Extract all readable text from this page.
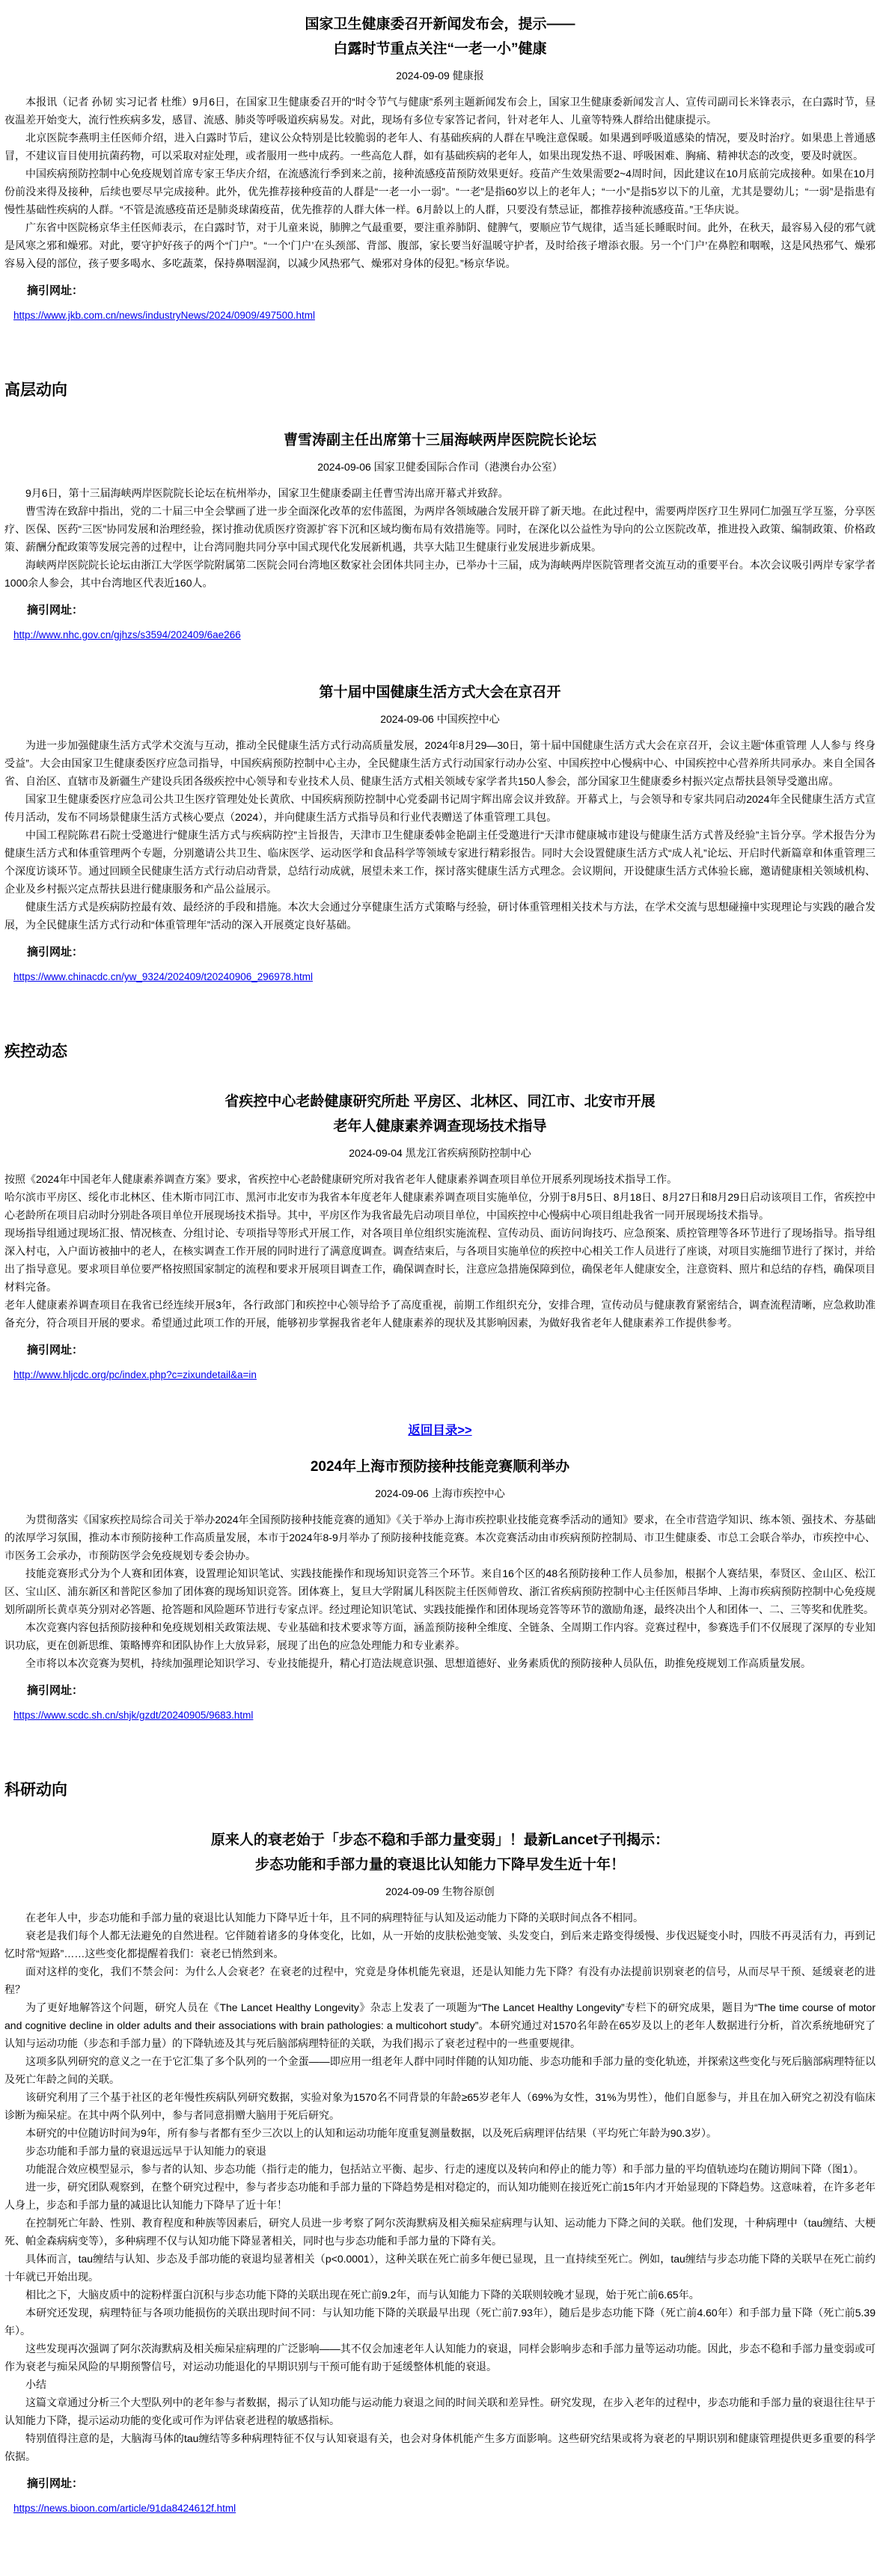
国家卫生健康委召开新闻发布会，提示——
白露时节重点关注“一老一小”健康
2024-09-09 健康报
本报讯（记者 孙韧 实习记者 杜维）9月6日，在国家卫生健康委召开的“时令节气与健康”系列主题新闻发布会上，国家卫生健康委新闻发言人、宣传司副司长米锋表示，在白露时节，昼夜温差开始变大，流行性疾病多发，感冒、流感、肺炎等呼吸道疾病易发。对此，现场有多位专家答记者问，针对老年人、儿童等特殊人群给出健康提示。
北京医院李燕明主任医师介绍，进入白露时节后，建议公众特别是比较脆弱的老年人、有基础疾病的人群在早晚注意保暖。如果遇到呼吸道感染的情况，要及时治疗。如果患上普通感冒，不建议盲目使用抗菌药物，可以采取对症处理，或者服用一些中成药。一些高危人群，如有基础疾病的老年人，如果出现发热不退、呼吸困难、胸痛、精神状态的改变，要及时就医。
中国疾病预防控制中心免疫规划首席专家王华庆介绍，在流感流行季到来之前，接种流感疫苗预防效果更好。疫苗产生效果需要2~4周时间，因此建议在10月底前完成接种。如果在10月份前没来得及接种，后续也要尽早完成接种。此外，优先推荐接种疫苗的人群是“一老一小一弱”。“一老”是指60岁以上的老年人；“一小”是指5岁以下的儿童，尤其是婴幼儿；“一弱”是指患有慢性基础性疾病的人群。“不管是流感疫苗还是肺炎球菌疫苗，优先推荐的人群大体一样。6月龄以上的人群，只要没有禁忌证，都推荐接种流感疫苗。”王华庆说。
广东省中医院杨京华主任医师表示，在白露时节，对于儿童来说，肺脾之气最重要，要注重养肺阴、健脾气，要顺应节气规律，适当延长睡眠时间。此外，在秋天，最容易入侵的邪气就是风寒之邪和燥邪。对此，要守护好孩子的两个“门户”。“一个‘门户’在头颈部、背部、腹部，家长要当好温暖守护者，及时给孩子增添衣服。另一个‘门户’在鼻腔和咽喉，这是风热邪气、燥邪容易入侵的部位，孩子要多喝水、多吃蔬菜，保持鼻咽湿润，以减少风热邪气、燥邪对身体的侵犯。”杨京华说。
摘引网址：
https://www.jkb.com.cn/news/industryNews/2024/0909/497500.html
高层动向
曹雪涛副主任出席第十三届海峡两岸医院院长论坛
2024-09-06 国家卫健委国际合作司（港澳台办公室）
9月6日，第十三届海峡两岸医院院长论坛在杭州举办，国家卫生健康委副主任曹雪涛出席开幕式并致辞。
曹雪涛在致辞中指出，党的二十届三中全会擘画了进一步全面深化改革的宏伟蓝图，为两岸各领域融合发展开辟了新天地。在此过程中，需要两岸医疗卫生界同仁加强互学互鉴，分享医疗、医保、医药“三医”协同发展和治理经验，探讨推动优质医疗资源扩容下沉和区域均衡布局有效措施等。同时，在深化以公益性为导向的公立医院改革，推进投入政策、编制政策、价格政策、薪酬分配政策等发展完善的过程中，让台湾同胞共同分享中国式现代化发展新机遇，共享大陆卫生健康行业发展进步新成果。
海峡两岸医院院长论坛由浙江大学医学院附属第二医院会同台湾地区数家社会团体共同主办，已举办十三届，成为海峡两岸医院管理者交流互动的重要平台。本次会议吸引两岸专家学者1000余人参会，其中台湾地区代表近160人。
摘引网址：
http://www.nhc.gov.cn/gjhzs/s3594/202409/6ae266
第十届中国健康生活方式大会在京召开
2024-09-06 中国疾控中心
为进一步加强健康生活方式学术交流与互动，推动全民健康生活方式行动高质量发展，2024年8月29—30日，第十届中国健康生活方式大会在京召开，会议主题“体重管理 人人参与 终身受益”。大会由国家卫生健康委医疗应急司指导，中国疾病预防控制中心主办，全民健康生活方式行动国家行动办公室、中国疾控中心慢病中心、中国疾控中心营养所共同承办。来自全国各省、自治区、直辖市及新疆生产建设兵团各级疾控中心领导和专业技术人员、健康生活方式相关领域专家学者共150人参会，部分国家卫生健康委乡村振兴定点帮扶县领导受邀出席。
国家卫生健康委医疗应急司公共卫生医疗管理处处长黄欣、中国疾病预防控制中心党委副书记周宇辉出席会议并致辞。开幕式上，与会领导和专家共同启动2024年全民健康生活方式宣传月活动，发布不同场景健康生活方式核心要点（2024），并向健康生活方式指导员和行业代表赠送了体重管理工具包。
中国工程院陈君石院士受邀进行“健康生活方式与疾病防控”主旨报告，天津市卫生健康委韩金艳副主任受邀进行“天津市健康城市建设与健康生活方式普及经验”主旨分享。学术报告分为健康生活方式和体重管理两个专题，分别邀请公共卫生、临床医学、运动医学和食品科学等领域专家进行精彩报告。同时大会设置健康生活方式“成人礼”论坛、开启时代新篇章和体重管理三个深度访谈环节。通过回顾全民健康生活方式行动启动背景，总结行动成就，展望未来工作，探讨落实健康生活方式理念。会议期间，开设健康生活方式体验长廊，邀请健康相关领域机构、企业及乡村振兴定点帮扶县进行健康服务和产品公益展示。
健康生活方式是疾病防控最有效、最经济的手段和措施。本次大会通过分享健康生活方式策略与经验，研讨体重管理相关技术与方法，在学术交流与思想碰撞中实现理论与实践的融合发展，为全民健康生活方式行动和“体重管理年”活动的深入开展奠定良好基础。
摘引网址：
https://www.chinacdc.cn/yw_9324/202409/t20240906_296978.html
疾控动态
省疾控中心老龄健康研究所赴 平房区、北林区、同江市、北安市开展
老年人健康素养调查现场技术指导
2024-09-04 黑龙江省疾病预防控制中心
按照《2024年中国老年人健康素养调查方案》要求，省疾控中心老龄健康研究所对我省老年人健康素养调查项目单位开展系列现场技术指导工作。
哈尔滨市平房区、绥化市北林区、佳木斯市同江市、黑河市北安市为我省本年度老年人健康素养调查项目实施单位，分别于8月5日、8月18日、8月27日和8月29日启动该项目工作，省疾控中心老龄所在项目启动时分别赴各项目单位开展现场技术指导。其中，平房区作为我省最先启动项目单位，中国疾控中心慢病中心项目组赴我省一同开展现场技术指导。
现场指导组通过现场汇报、情况核查、分组讨论、专项指导等形式开展工作，对各项目单位组织实施流程、宣传动员、面访问询技巧、应急预案、质控管理等各环节进行了现场指导。指导组深入村屯，入户面访被抽中的老人，在核实调查工作开展的同时进行了满意度调查。调查结束后，与各项目实施单位的疾控中心相关工作人员进行了座谈，对项目实施细节进行了探讨，并给出了指导意见。要求项目单位要严格按照国家制定的流程和要求开展项目调查工作，确保调查时长，注意应急措施保障到位，确保老年人健康安全，注意资料、照片和总结的存档，确保项目材料完备。
老年人健康素养调查项目在我省已经连续开展3年，各行政部门和疾控中心领导给予了高度重视，前期工作组织充分，安排合理，宣传动员与健康教育紧密结合，调查流程清晰，应急救助准备充分，符合项目开展的要求。希望通过此项工作的开展，能够初步掌握我省老年人健康素养的现状及其影响因素，为做好我省老年人健康素养工作提供参考。
摘引网址：
http://www.hljcdc.org/pc/index.php?c=zixundetail&a=in
返回目录>>
2024年上海市预防接种技能竞赛顺利举办
2024-09-06 上海市疾控中心
为贯彻落实《国家疾控局综合司关于举办2024年全国预防接种技能竞赛的通知》《关于举办上海市疾控职业技能竞赛季活动的通知》要求，在全市营造学知识、练本领、强技术、夯基础的浓厚学习氛围，推动本市预防接种工作高质量发展，本市于2024年8-9月举办了预防接种技能竞赛。本次竞赛活动由市疾病预防控制局、市卫生健康委、市总工会联合举办，市疾控中心、市医务工会承办，市预防医学会免疫规划专委会协办。
技能竞赛形式分为个人赛和团体赛，设置理论知识笔试、实践技能操作和现场知识竞答三个环节。来自16个区的48名预防接种工作人员参加，根据个人赛结果，奉贤区、金山区、松江区、宝山区、浦东新区和普陀区参加了团体赛的现场知识竞答。团体赛上，复旦大学附属儿科医院主任医师曾玫、浙江省疾病预防控制中心主任医师吕华坤、上海市疾病预防控制中心免疫规划所副所长黄卓英分别对必答题、抢答题和风险题环节进行专家点评。经过理论知识笔试、实践技能操作和团体现场竞答等环节的激励角逐，最终决出个人和团体一、二、三等奖和优胜奖。
本次竞赛内容包括预防接种和免疫规划相关政策法规、专业基础和技术要求等方面，涵盖预防接种全维度、全链条、全周期工作内容。竞赛过程中，参赛选手们不仅展现了深厚的专业知识功底，更在创新思维、策略博弈和团队协作上大放异彩，展现了出色的应急处理能力和专业素养。
全市将以本次竞赛为契机，持续加强理论知识学习、专业技能提升，精心打造法规意识强、思想道德好、业务素质优的预防接种人员队伍，助推免疫规划工作高质量发展。
摘引网址：
https://www.scdc.sh.cn/shjk/gzdt/20240905/9683.html
科研动向
原来人的衰老始于「步态不稳和手部力量变弱」！最新Lancet子刊揭示：
步态功能和手部力量的衰退比认知能力下降早发生近十年！
2024-09-09 生物谷原创
在老年人中，步态功能和手部力量的衰退比认知能力下降早近十年，且不同的病理特征与认知及运动能力下降的关联时间点各不相同。
衰老是我们每个人都无法避免的自然进程。它伴随着诸多的身体变化，比如，从一开始的皮肤松弛变皱、头发变白，到后来走路变得缓慢、步伐迟疑变小时，四肢不再灵活有力，再到记忆时常“短路”……这些变化都提醒着我们：衰老已悄然到来。
面对这样的变化，我们不禁会问：为什么人会衰老？在衰老的过程中，究竟是身体机能先衰退，还是认知能力先下降？有没有办法提前识别衰老的信号，从而尽早干预、延缓衰老的进程？
为了更好地解答这个问题，研究人员在《The Lancet Healthy Longevity》杂志上发表了一项题为“The Lancet Healthy Longevity”专栏下的研究成果，题目为“The time course of motor and cognitive decline in older adults and their associations with brain pathologies: a multicohort study”。本研究通过对1570名年龄在65岁及以上的老年人数据进行分析，首次系统地研究了认知与运动功能（步态和手部力量）的下降轨迹及其与死后脑部病理特征的关联，为我们揭示了衰老过程中的一些重要规律。
这项多队列研究的意义之一在于它汇集了多个队列的一个金蛋——即应用一组老年人群中同时伴随的认知功能、步态功能和手部力量的变化轨迹，并探索这些变化与死后脑部病理特征以及死亡年龄之间的关联。
该研究利用了三个基于社区的老年慢性疾病队列研究数据，实验对象为1570名不同背景的年龄≥65岁老年人（69%为女性，31%为男性），他们自愿参与，并且在加入研究之初没有临床诊断为痴呆症。在其中两个队列中，参与者同意捐赠大脑用于死后研究。
本研究的中位随访时间为9年，所有参与者都有至少三次以上的认知和运动功能年度重复测量数据，以及死后病理评估结果（平均死亡年龄为90.3岁）。
步态功能和手部力量的衰退远远早于认知能力的衰退
功能混合效应模型显示，参与者的认知、步态功能（指行走的能力，包括站立平衡、起步、行走的速度以及转向和停止的能力等）和手部力量的平均值轨迹均在随访期间下降（图1）。
进一步，研究团队观察到，在整个研究过程中，参与者步态功能和手部力量的下降趋势是相对稳定的，而认知功能则在接近死亡前15年内才开始显现的下降趋势。这意味着，在许多老年人身上，步态和手部力量的减退比认知能力下降早了近十年！
在控制死亡年龄、性别、教育程度和种族等因素后，研究人员进一步考察了阿尔茨海默病及相关痴呆症病理与认知、运动能力下降之间的关联。他们发现，十种病理中（tau缠结、大梗死、帕金森病病变等），多种病理不仅与认知功能下降显著相关，同时也与步态功能和手部力量的下降有关。
具体而言，tau缠结与认知、步态及手部功能的衰退均显著相关（p<0.0001），这种关联在死亡前多年便已显现，且一直持续至死亡。例如，tau缠结与步态功能下降的关联早在死亡前约十年就已开始出现。
相比之下，大脑皮质中的淀粉样蛋白沉积与步态功能下降的关联出现在死亡前9.2年，而与认知能力下降的关联则较晚才显现，始于死亡前6.65年。
本研究还发现，病理特征与各项功能损伤的关联出现时间不同：与认知功能下降的关联最早出现（死亡前7.93年），随后是步态功能下降（死亡前4.60年）和手部力量下降（死亡前5.39年）。
这些发现再次强调了阿尔茨海默病及相关痴呆症病理的广泛影响——其不仅会加速老年人认知能力的衰退，同样会影响步态和手部力量等运动功能。因此，步态不稳和手部力量变弱或可作为衰老与痴呆风险的早期预警信号，对运动功能退化的早期识别与干预可能有助于延缓整体机能的衰退。
小结
这篇文章通过分析三个大型队列中的老年参与者数据，揭示了认知功能与运动能力衰退之间的时间关联和差异性。研究发现，在步入老年的过程中，步态功能和手部力量的衰退往往早于认知能力下降，提示运动功能的变化或可作为评估衰老进程的敏感指标。
特别值得注意的是，大脑海马体的tau缠结等多种病理特征不仅与认知衰退有关，也会对身体机能产生多方面影响。这些研究结果或将为衰老的早期识别和健康管理提供更多重要的科学依据。
摘引网址：
https://news.bioon.com/article/91da8424612f.html
